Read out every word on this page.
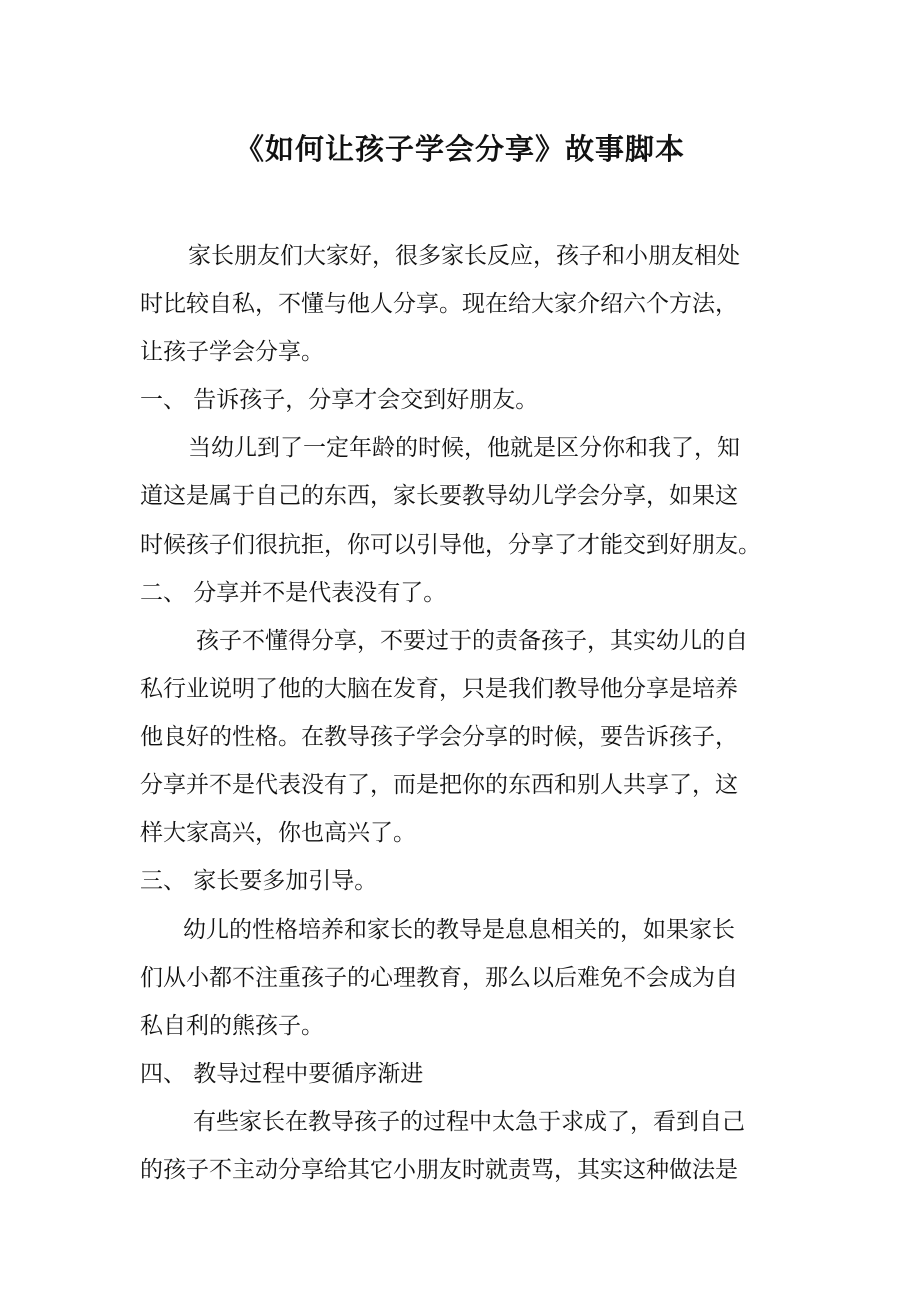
《如何让孩子学会分享》故事脚本
家长朋友们大家好，很多家长反应，孩子和小朋友相处
时比较自私，不懂与他人分享。现在给大家介绍六个方法，
让孩子学会分享。
一、 告诉孩子，分享才会交到好朋友。
当幼儿到了一定年龄的时候，他就是区分你和我了，知
道这是属于自己的东西，家长要教导幼儿学会分享，如果这
时候孩子们很抗拒，你可以引导他，分享了才能交到好朋友。
二、 分享并不是代表没有了。
孩子不懂得分享，不要过于的责备孩子，其实幼儿的自
私行业说明了他的大脑在发育，只是我们教导他分享是培养
他良好的性格。在教导孩子学会分享的时候，要告诉孩子，
分享并不是代表没有了，而是把你的东西和别人共享了，这
样大家高兴，你也高兴了。
三、 家长要多加引导。
幼儿的性格培养和家长的教导是息息相关的，如果家长
们从小都不注重孩子的心理教育，那么以后难免不会成为自
私自利的熊孩子。
四、 教导过程中要循序渐进
有些家长在教导孩子的过程中太急于求成了，看到自己
的孩子不主动分享给其它小朋友时就责骂，其实这种做法是
